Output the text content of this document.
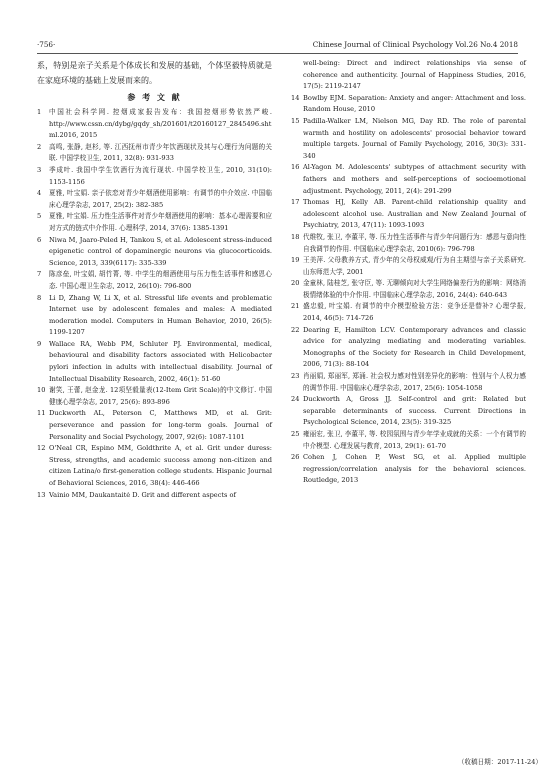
·756·	Chinese Journal of Clinical Psychology Vol.26 No.4 2018

系，特别是亲子关系是个体成长和发展的基础，个体坚毅特质就是在家庭环境的基础上发展而来的。

参 考 文 献

1	中国社会科学网. 控烟成家报告发布：我国控烟形势依然严峻. http://www.cssn.cn/dybg/gqdy_sh/201601/t20160127_2845496.shtml.2016, 2015

2	高鸣, 张静, 赵杉, 等. 江西抚州市青少年饮酒现状及其与心理行为问题的关联. 中国学校卫生, 2011, 32(8): 931-933

3	季成叶. 我国中学生饮酒行为流行现状. 中国学校卫生, 2010, 31(10): 1153-1156

4	夏雅, 叶宝娟. 亲子依恋对青少年烟酒使用影响：有调节的中介效应. 中国临床心理学杂志, 2017, 25(2): 382-385

5	夏雅, 叶宝娟. 压力性生活事件对青少年烟酒使用的影响：基本心理需要和应对方式的链式中介作用. 心理科学, 2014, 37(6): 1385-1391

6	Niwa M, Jaaro-Peled H, Tankou S, et al. Adolescent stress-induced epigenetic control of dopaminergic neurons via glucocorticoids. Science, 2013, 339(6117): 335-339

7	陈彦垒, 叶宝娟, 胡竹菁, 等. 中学生的烟酒使用与压力性生活事件和感恩心态. 中国心理卫生杂志, 2012, 26(10): 796-800

8	Li D, Zhang W, Li X, et al. Stressful life events and problematic Internet use by adolescent females and males: A mediated moderation model. Computers in Human Behavior, 2010, 26(5): 1199-1207

9	Wallace RA, Webb PM, Schluter PJ. Environmental, medical, behavioural and disability factors associated with Helicobacter pylori infection in adults with intellectual disability. Journal of Intellectual Disability Research, 2002, 46(1): 51-60

10 谢笑, 王蕾, 赵金龙. 12项坚毅量表(12-Item Grit Scale)的中文修订. 中国健康心理学杂志, 2017, 25(6): 893-896

11 Duckworth AL, Peterson C, Matthews MD, et al. Grit: perseverance and passion for long-term goals. Journal of Personality and Social Psychology, 2007, 92(6): 1087-1101

12 O'Neal CR, Espino MM, Goldthrite A, et al. Grit under duress: Stress, strengths, and academic success among non-citizen and citizen Latina/o first-generation college students. Hispanic Journal of Behavioral Sciences, 2016, 38(4): 446-466

13 Vainio MM, Daukantaitė D. Grit and different aspects of

well-being: Direct and indirect relationships via sense of coherence and authenticity. Journal of Happiness Studies, 2016, 17(5): 2119-2147

14 Bowlby EJM. Separation: Anxiety and anger: Attachment and loss. Random House, 2010

15 Padilla-Walker LM, Nielson MG, Day RD. The role of parental warmth and hostility on adolescents' prosocial behavior toward multiple targets. Journal of Family Psychology, 2016, 30(3): 331-340

16 Al-Yagon M. Adolescents' subtypes of attachment security with fathers and mothers and self-perceptions of socioemotional adjustment. Psychology, 2011, 2(4): 291-299

17 Thomas HJ, Kelly AB. Parent-child relationship quality and adolescent alcohol use. Australian and New Zealand Journal of Psychiatry, 2013, 47(11): 1093-1093

18 代维牧, 张卫, 李董平, 等. 压力性生活事件与青少年问题行为：感恩与意向性自我调节的作用. 中国临床心理学杂志, 2010(6): 796-798

19 王美萍. 父母教养方式, 青少年的父母权威观/行为自主期望与亲子关系研究. 山东师范大学, 2001

20 金童林, 陆桂芝, 张守臣, 等. 无聊倾向对大学生网络偏差行为的影响：网络消极情绪体验的中介作用. 中国临床心理学杂志, 2016, 24(4): 640-643

21 盛忠毅, 叶宝娟. 有调节的中介模型检验方法：竞争还是替补? 心理学报, 2014, 46(5): 714-726

22 Dearing E, Hamilton LCV. Contemporary advances and classic advice for analyzing mediating and moderating variables. Monographs of the Society for Research in Child Development, 2006, 71(3): 88-104

23 肖丽娟, 郑丽军, 郑涌. 社会权力感对性别差异化的影响：性别与个人权力感的调节作用. 中国临床心理学杂志, 2017, 25(6): 1054-1058

24 Duckworth A, Gross JJ. Self-control and grit: Related but separable determinants of success. Current Directions in Psychological Science, 2014, 23(5): 319-325

25 雍丽宏, 张卫, 李董平, 等. 校园氛围与青少年学业成就的关系：一个有调节的中介模型. 心理发展与教育, 2013, 29(1): 61-70

26 Cohen J, Cohen P, West SG, et al. Applied multiple regression/correlation analysis for the behavioral sciences. Routledge, 2013

（收稿日期：2017-11-24）
